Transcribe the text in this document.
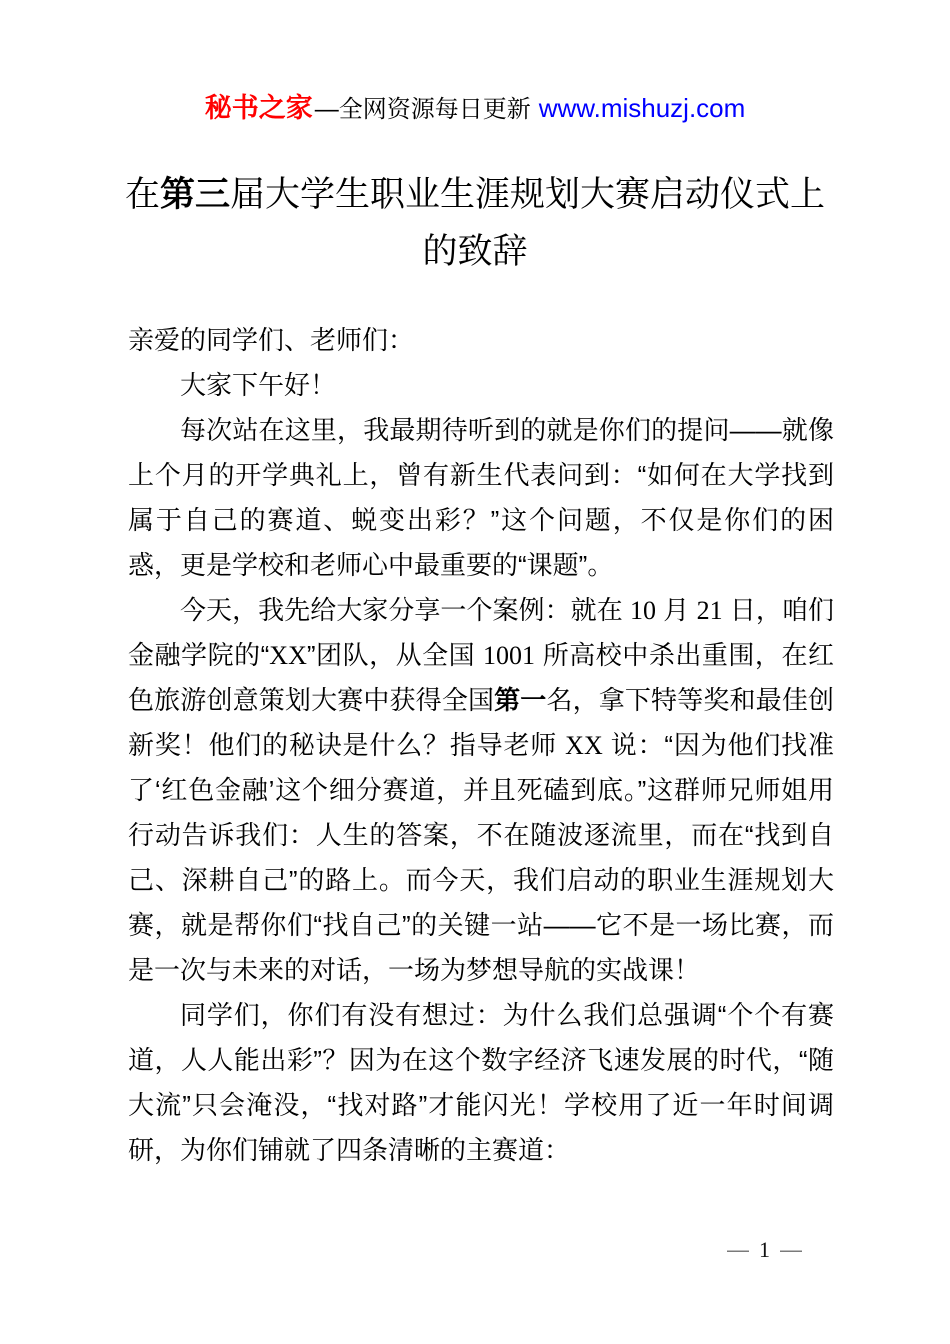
秘书之家—全网资源每日更新 www.mishuzj.com
在第三届大学生职业生涯规划大赛启动仪式上的致辞

亲爱的同学们、老师们：

大家下午好！

每次站在这里，我最期待听到的就是你们的提问——就像上个月的开学典礼上，曾有新生代表问到：“如何在大学找到属于自己的赛道、蜕变出彩？”这个问题，不仅是你们的困惑，更是学校和老师心中最重要的“课题”。

今天，我先给大家分享一个案例：就在 10 月 21 日，咱们金融学院的“XX”团队，从全国 1001 所高校中杀出重围，在红色旅游创意策划大赛中获得全国第一名，拿下特等奖和最佳创新奖！他们的秘诀是什么？指导老师 XX 说：“因为他们找准了‘红色金融’这个细分赛道，并且死磕到底。”这群师兄师姐用行动告诉我们：人生的答案，不在随波逐流里，而在“找到自己、深耕自己”的路上。而今天，我们启动的职业生涯规划大赛，就是帮你们“找自己”的关键一站——它不是一场比赛，而是一次与未来的对话，一场为梦想导航的实战课！

同学们，你们有没有想过：为什么我们总强调“个个有赛道，人人能出彩”？因为在这个数字经济飞速发展的时代，“随大流”只会淹没，“找对路”才能闪光！学校用了近一年时间调研，为你们铺就了四条清晰的主赛道：

— 1 —
